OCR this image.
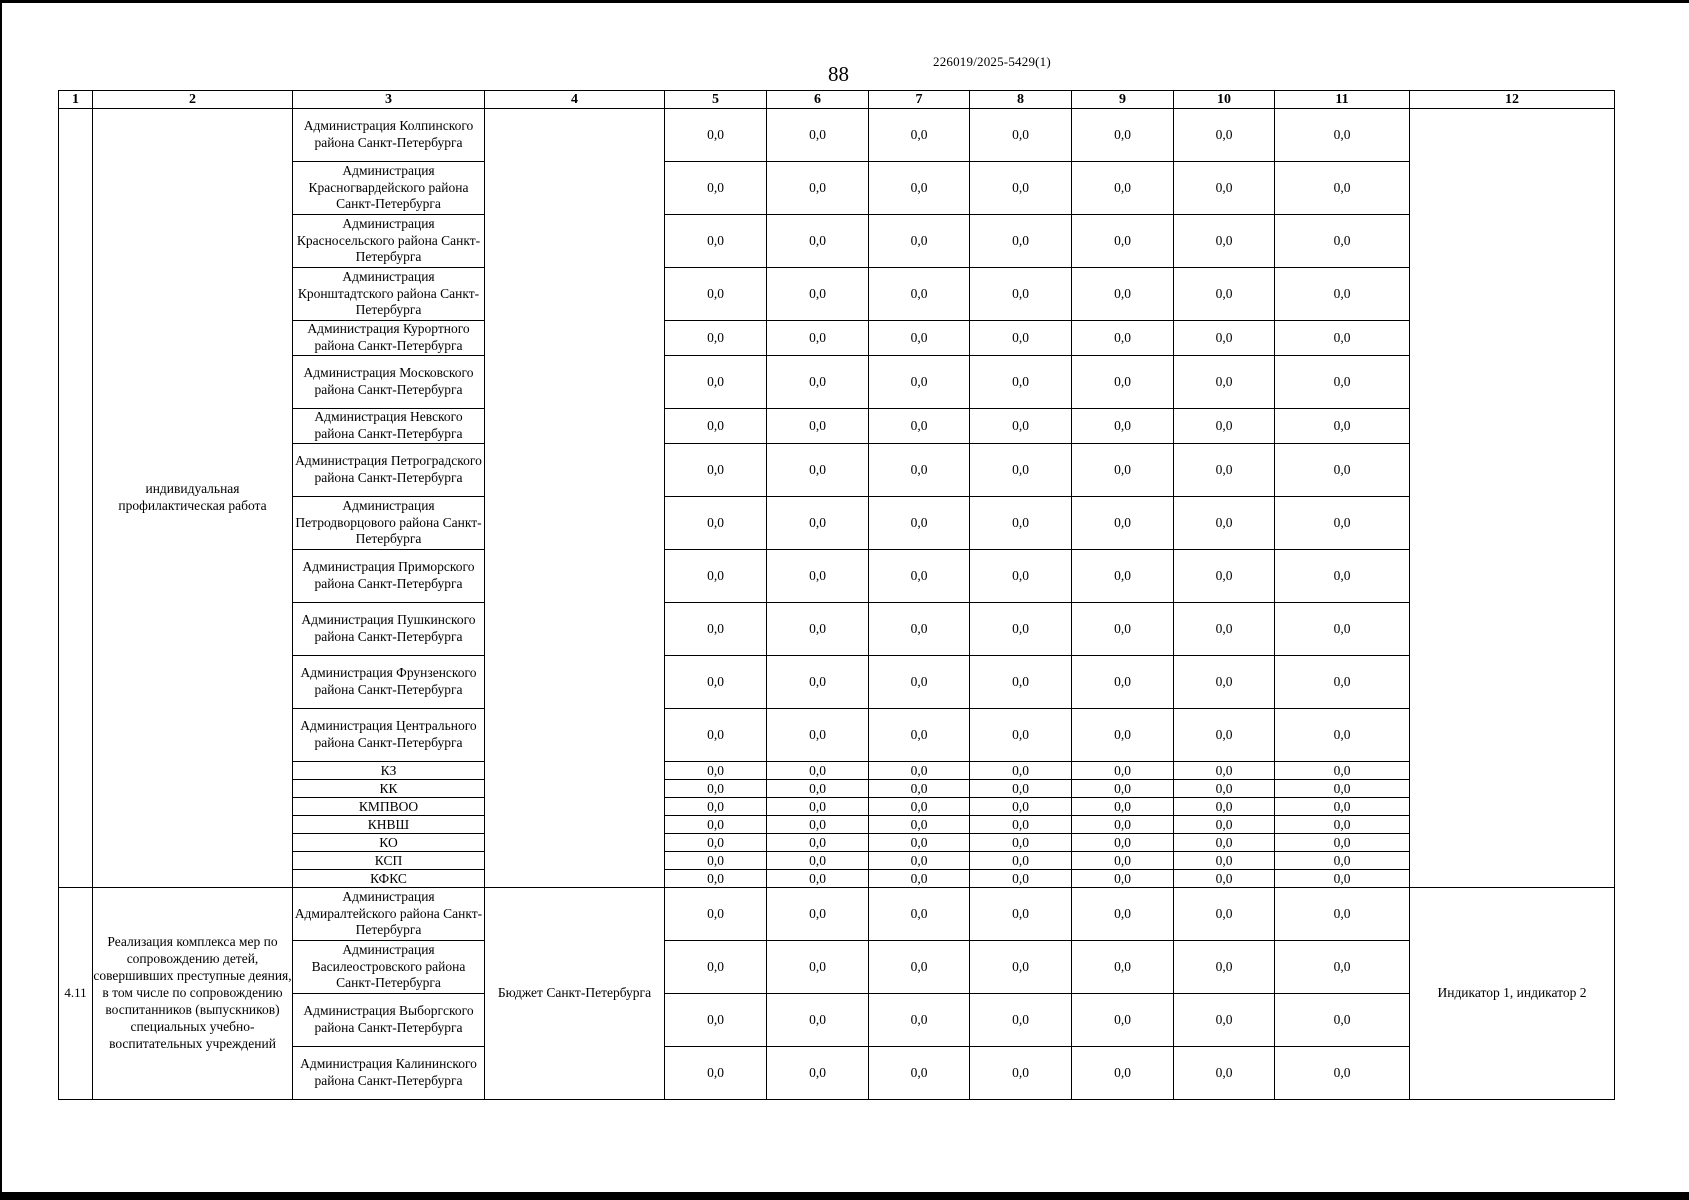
226019/2025-5429(1)
88
1	2	3	4	5	6	7	8	9	10	11	12
	индивидуальная профилактическая работа	Администрация Колпинского района Санкт-Петербурга		0,0	0,0	0,0	0,0	0,0	0,0	0,0	
		Администрация Красногвардейского района Санкт-Петербурга		0,0	0,0	0,0	0,0	0,0	0,0	0,0	
		Администрация Красносельского района Санкт-Петербурга		0,0	0,0	0,0	0,0	0,0	0,0	0,0	
		Администрация Кронштадтского района Санкт-Петербурга		0,0	0,0	0,0	0,0	0,0	0,0	0,0	
		Администрация Курортного района Санкт-Петербурга		0,0	0,0	0,0	0,0	0,0	0,0	0,0	
		Администрация Московского района Санкт-Петербурга		0,0	0,0	0,0	0,0	0,0	0,0	0,0	
		Администрация Невского района Санкт-Петербурга		0,0	0,0	0,0	0,0	0,0	0,0	0,0	
		Администрация Петроградского района Санкт-Петербурга		0,0	0,0	0,0	0,0	0,0	0,0	0,0	
		Администрация Петродворцового района Санкт-Петербурга		0,0	0,0	0,0	0,0	0,0	0,0	0,0	
		Администрация Приморского района Санкт-Петербурга		0,0	0,0	0,0	0,0	0,0	0,0	0,0	
		Администрация Пушкинского района Санкт-Петербурга		0,0	0,0	0,0	0,0	0,0	0,0	0,0	
		Администрация Фрунзенского района Санкт-Петербурга		0,0	0,0	0,0	0,0	0,0	0,0	0,0	
		Администрация Центрального района Санкт-Петербурга		0,0	0,0	0,0	0,0	0,0	0,0	0,0	
		КЗ		0,0	0,0	0,0	0,0	0,0	0,0	0,0	
		КК		0,0	0,0	0,0	0,0	0,0	0,0	0,0	
		КМПВОО		0,0	0,0	0,0	0,0	0,0	0,0	0,0	
		КНВШ		0,0	0,0	0,0	0,0	0,0	0,0	0,0	
		КО		0,0	0,0	0,0	0,0	0,0	0,0	0,0	
		КСП		0,0	0,0	0,0	0,0	0,0	0,0	0,0	
		КФКС		0,0	0,0	0,0	0,0	0,0	0,0	0,0	
4.11	Реализация комплекса мер по сопровождению детей, совершивших преступные деяния, в том числе по сопровождению воспитанников (выпускников) специальных учебно-воспитательных учреждений	Администрация Адмиралтейского района Санкт-Петербурга	Бюджет Санкт-Петербурга	0,0	0,0	0,0	0,0	0,0	0,0	0,0	Индикатор 1, индикатор 2
		Администрация Василеостровского района Санкт-Петербурга		0,0	0,0	0,0	0,0	0,0	0,0	0,0	
		Администрация Выборгского района Санкт-Петербурга		0,0	0,0	0,0	0,0	0,0	0,0	0,0	
		Администрация Калининского района Санкт-Петербурга		0,0	0,0	0,0	0,0	0,0	0,0	0,0	
